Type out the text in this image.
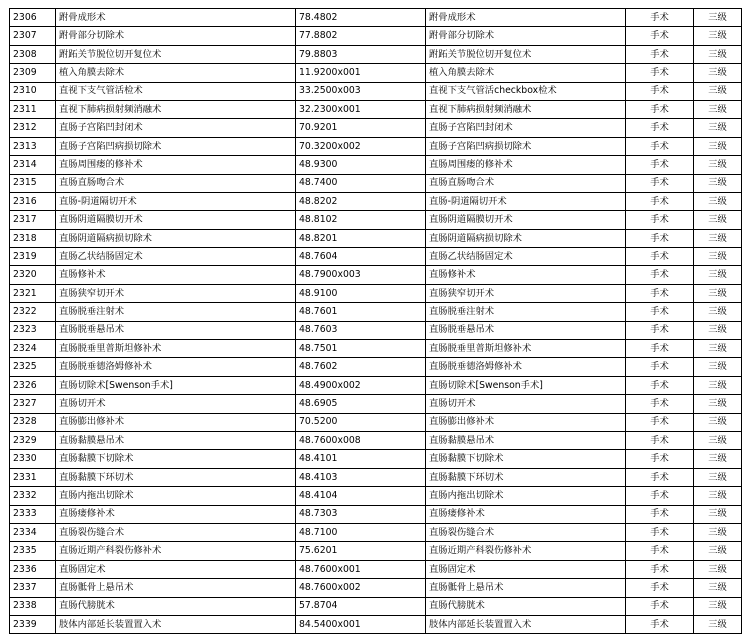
2306	跗骨成形术	78.4802	跗骨成形术	手术	三级
2307	跗骨部分切除术	77.8802	跗骨部分切除术	手术	三级
2308	跗跖关节脱位切开复位术	79.8803	跗跖关节脱位切开复位术	手术	三级
2309	植入角膜去除术	11.9200x001	植入角膜去除术	手术	三级
2310	直视下支气管活检术	33.2500x003	直视下支气管活checkbox检术	手术	三级
2311	直视下肺病损射频消融术	32.2300x001	直视下肺病损射频消融术	手术	三级
2312	直肠子宫陷凹封闭术	70.9201	直肠子宫陷凹封闭术	手术	三级
2313	直肠子宫陷凹病损切除术	70.3200x002	直肠子宫陷凹病损切除术	手术	三级
2314	直肠周围瘘的修补术	48.9300	直肠周围瘘的修补术	手术	三级
2315	直肠直肠吻合术	48.7400	直肠直肠吻合术	手术	三级
2316	直肠-阴道隔切开术	48.8202	直肠-阴道隔切开术	手术	三级
2317	直肠阴道隔膜切开术	48.8102	直肠阴道隔膜切开术	手术	三级
2318	直肠阴道隔病损切除术	48.8201	直肠阴道隔病损切除术	手术	三级
2319	直肠乙状结肠固定术	48.7604	直肠乙状结肠固定术	手术	三级
2320	直肠修补术	48.7900x003	直肠修补术	手术	三级
2321	直肠狭窄切开术	48.9100	直肠狭窄切开术	手术	三级
2322	直肠脱垂注射术	48.7601	直肠脱垂注射术	手术	三级
2323	直肠脱垂悬吊术	48.7603	直肠脱垂悬吊术	手术	三级
2324	直肠脱垂里普斯坦修补术	48.7501	直肠脱垂里普斯坦修补术	手术	三级
2325	直肠脱垂德洛姆修补术	48.7602	直肠脱垂德洛姆修补术	手术	三级
2326	直肠切除术[Swenson手术]	48.4900x002	直肠切除术[Swenson手术]	手术	三级
2327	直肠切开术	48.6905	直肠切开术	手术	三级
2328	直肠膨出修补术	70.5200	直肠膨出修补术	手术	三级
2329	直肠黏膜悬吊术	48.7600x008	直肠黏膜悬吊术	手术	三级
2330	直肠黏膜下切除术	48.4101	直肠黏膜下切除术	手术	三级
2331	直肠黏膜下环切术	48.4103	直肠黏膜下环切术	手术	三级
2332	直肠内拖出切除术	48.4104	直肠内拖出切除术	手术	三级
2333	直肠瘘修补术	48.7303	直肠瘘修补术	手术	三级
2334	直肠裂伤缝合术	48.7100	直肠裂伤缝合术	手术	三级
2335	直肠近期产科裂伤修补术	75.6201	直肠近期产科裂伤修补术	手术	三级
2336	直肠固定术	48.7600x001	直肠固定术	手术	三级
2337	直肠骶骨上悬吊术	48.7600x002	直肠骶骨上悬吊术	手术	三级
2338	直肠代膀胱术	57.8704	直肠代膀胱术	手术	三级
2339	肢体内部延长装置置入术	84.5400x001	肢体内部延长装置置入术	手术	三级
